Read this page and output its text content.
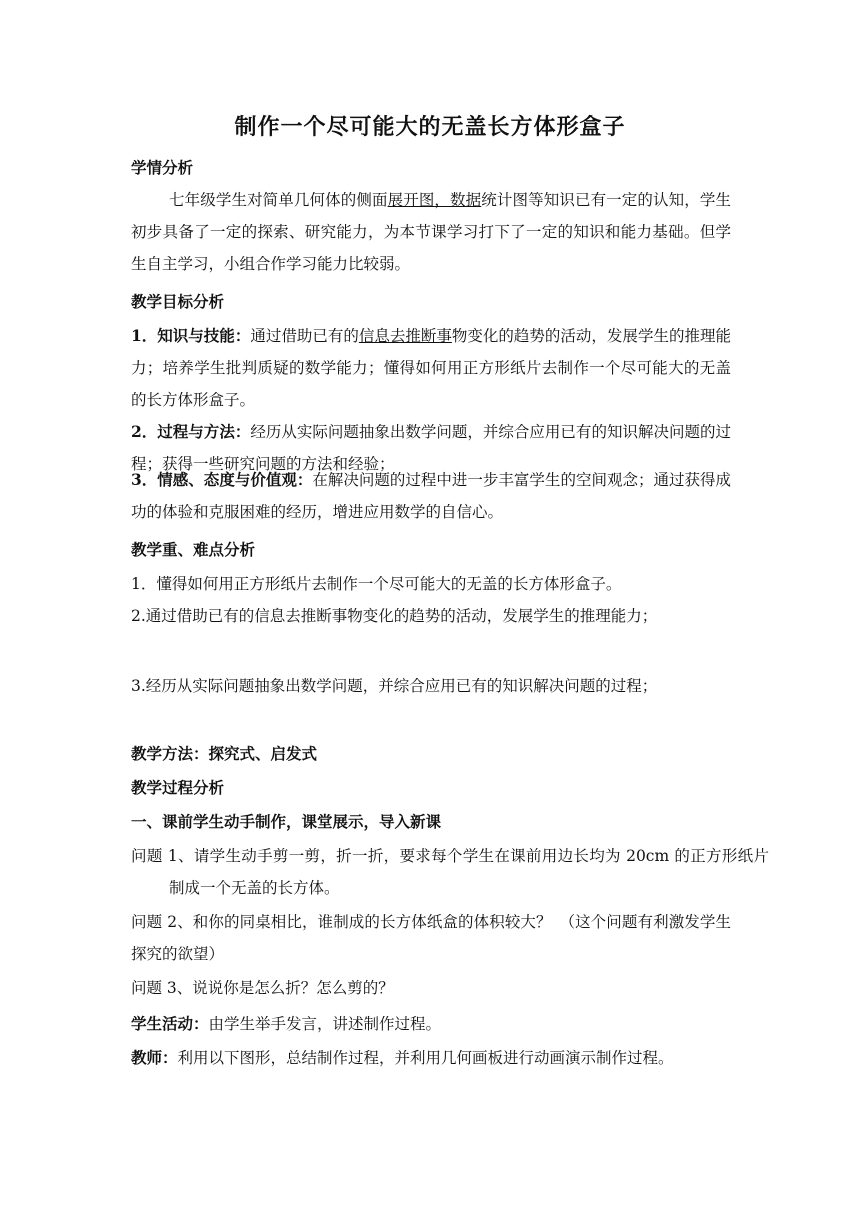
制作一个尽可能大的无盖长方体形盒子
学情分析
七年级学生对简单几何体的侧面展开图，数据统计图等知识已有一定的认知，学生初步具备了一定的探索、研究能力，为本节课学习打下了一定的知识和能力基础。但学生自主学习，小组合作学习能力比较弱。
教学目标分析
1．知识与技能：通过借助已有的信息去推断事物变化的趋势的活动，发展学生的推理能力；培养学生批判质疑的数学能力；懂得如何用正方形纸片去制作一个尽可能大的无盖的长方体形盒子。
2．过程与方法：经历从实际问题抽象出数学问题，并综合应用已有的知识解决问题的过程；获得一些研究问题的方法和经验；
3．情感、态度与价值观：在解决问题的过程中进一步丰富学生的空间观念；通过获得成功的体验和克服困难的经历，增进应用数学的自信心。
教学重、难点分析
1．懂得如何用正方形纸片去制作一个尽可能大的无盖的长方体形盒子。
2.通过借助已有的信息去推断事物变化的趋势的活动，发展学生的推理能力；
3.经历从实际问题抽象出数学问题，并综合应用已有的知识解决问题的过程；
教学方法：探究式、启发式
教学过程分析
一、课前学生动手制作，课堂展示，导入新课
问题 1、请学生动手剪一剪，折一折，要求每个学生在课前用边长均为 20cm 的正方形纸片制成一个无盖的长方体。
问题 2、和你的同桌相比，谁制成的长方体纸盒的体积较大？　（这个问题有利激发学生探究的欲望）
问题 3、说说你是怎么折？怎么剪的？
学生活动：由学生举手发言，讲述制作过程。
教师：利用以下图形，总结制作过程，并利用几何画板进行动画演示制作过程。
